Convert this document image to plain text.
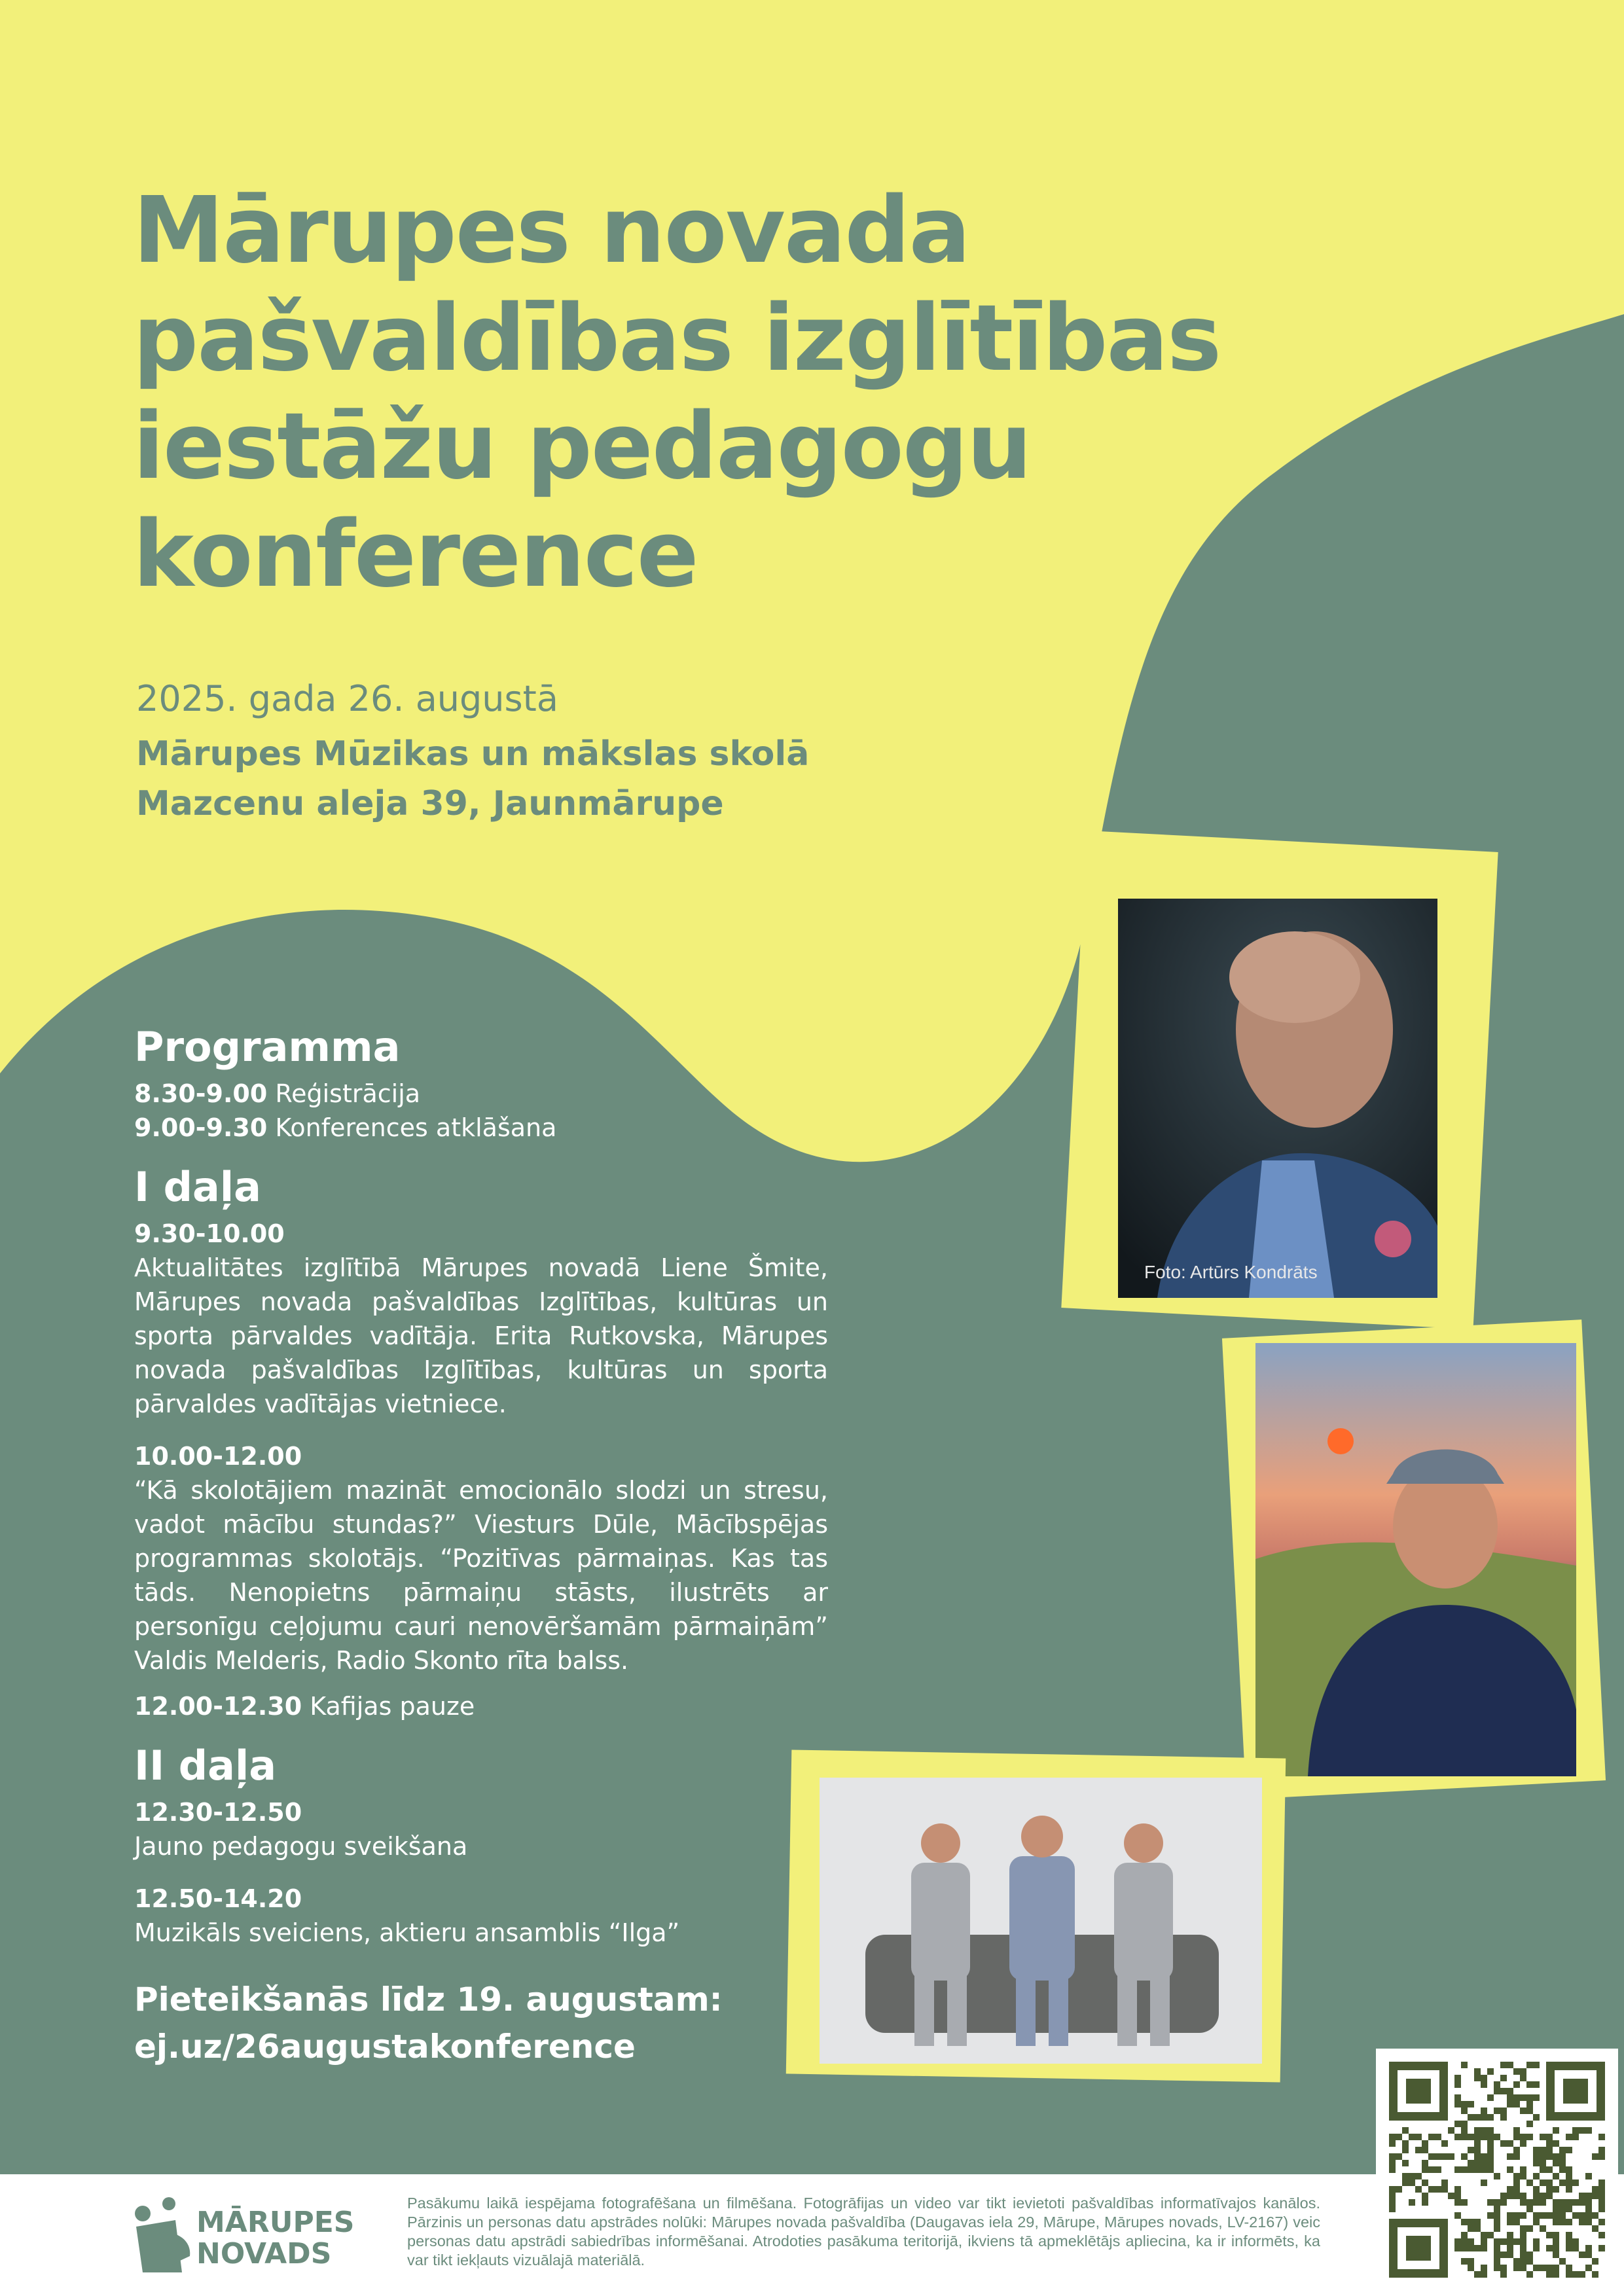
Mārupes novada
pašvaldības izglītības
iestāžu pedagogu
konference
2025. gada 26. augustā
Mārupes Mūzikas un mākslas skolā
Mazcenu aleja 39, Jaunmārupe
Programma
8.30-9.00 Reģistrācija
9.00-9.30 Konferences atklāšana
I daļa
9.30-10.00
Aktualitātes izglītībā Mārupes novadā Liene Šmite, Mārupes novada pašvaldības Izglītības, kultūras un sporta pārvaldes vadītāja. Erita Rutkovska, Mārupes novada pašvaldības Izglītības, kultūras un sporta pārvaldes vadītājas vietniece.
10.00-12.00
“Kā skolotājiem mazināt emocionālo slodzi un stresu, vadot mācību stundas?” Viesturs Dūle, Mācībspējas programmas skolotājs. “Pozitīvas pārmaiņas. Kas tas tāds. Nenopietns pārmaiņu stāsts, ilustrēts ar personīgu ceļojumu cauri nenovēršamām pārmaiņām” Valdis Melderis, Radio Skonto rīta balss.
12.00-12.30 Kafijas pauze
II daļa
12.30-12.50
Jauno pedagogu sveikšana
12.50-14.20
Muzikāls sveiciens, aktieru ansamblis “Ilga”
Pieteikšanās līdz 19. augustam:
ej.uz/26augustakonference
Foto: Artūrs Kondrāts
MĀRUPES
NOVADS
Pasākumu laikā iespējama fotografēšana un filmēšana. Fotogrāfijas un video var tikt ievietoti pašvaldības informatīvajos kanālos. Pārzinis un personas datu apstrādes nolūki: Mārupes novada pašvaldība (Daugavas iela 29, Mārupe, Mārupes novads, LV-2167) veic personas datu apstrādi sabiedrības informēšanai. Atrodoties pasākuma teritorijā, ikviens tā apmeklētājs apliecina, ka ir informēts, ka var tikt iekļauts vizuālajā materiālā.
